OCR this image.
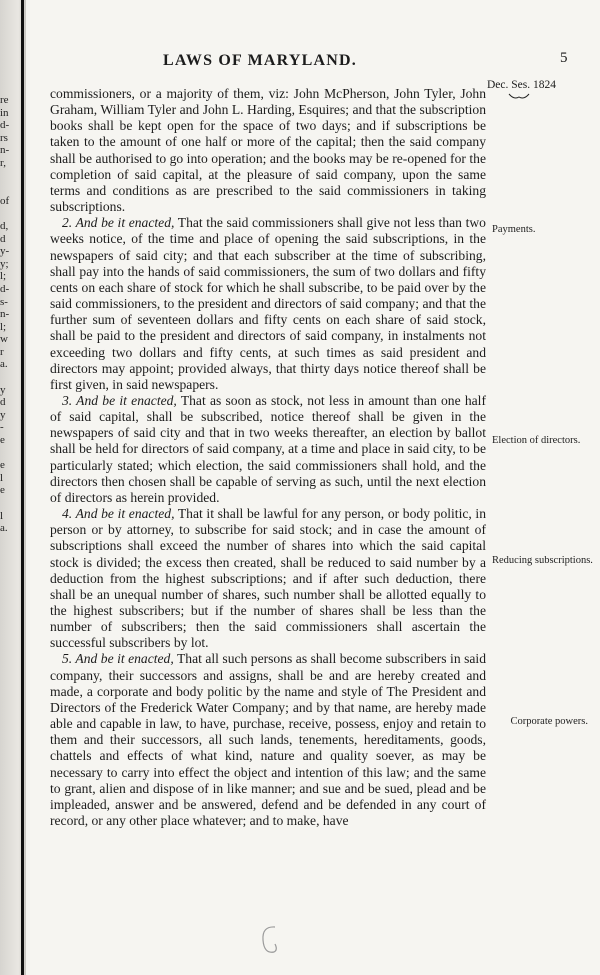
re
in
d-
rs
n-
r,
of
d,
d
y-
y;
l;
d-
s-
n-
l;
w
r
a.
y
d
y
-
e
e
l
e
l
a.
LAWS OF MARYLAND.	5
Dec. Ses. 1824

commissioners, or a majority of them, viz: John McPherson, John Tyler, John Graham, William Tyler and John L. Harding, Esquires; and that the subscription books shall be kept open for the space of two days; and if subscriptions be taken to the amount of one half or more of the capital; then the said company shall be authorised to go into operation; and the books may be re-opened for the completion of said capital, at the pleasure of said company, upon the same terms and conditions as are prescribed to the said commissioners in taking subscriptions.

2. And be it enacted, That the said commissioners shall give not less than two weeks notice, of the time and place of opening the said subscriptions, in the newspapers of said city; and that each subscriber at the time of subscribing, shall pay into the hands of said commissioners, the sum of two dollars and fifty cents on each share of stock for which he shall subscribe, to be paid over by the said commissioners, to the president and directors of said company; and that the further sum of seventeen dollars and fifty cents on each share of said stock, shall be paid to the president and directors of said company, in instalments not exceeding two dollars and fifty cents, at such times as said president and directors may appoint; provided always, that thirty days notice thereof shall be first given, in said newspapers.

3. And be it enacted, That as soon as stock, not less in amount than one half of said capital, shall be subscribed, notice thereof shall be given in the newspapers of said city and that in two weeks thereafter, an election by ballot shall be held for directors of said company, at a time and place in said city, to be particularly stated; which election, the said commissioners shall hold, and the directors then chosen shall be capable of serving as such, until the next election of directors as herein provided.

4. And be it enacted, That it shall be lawful for any person, or body politic, in person or by attorney, to subscribe for said stock; and in case the amount of subscriptions shall exceed the number of shares into which the said capital stock is divided; the excess then created, shall be reduced to said number by a deduction from the highest subscriptions; and if after such deduction, there shall be an unequal number of shares, such number shall be allotted equally to the highest subscribers; but if the number of shares shall be less than the number of subscribers; then the said commissioners shall ascertain the successful subscribers by lot.

5. And be it enacted, That all such persons as shall become subscribers in said company, their successors and assigns, shall be and are hereby created and made, a corporate and body politic by the name and style of The President and Directors of the Frederick Water Company; and by that name, are hereby made able and capable in law, to have, purchase, receive, possess, enjoy and retain to them and their successors, all such lands, tenements, hereditaments, goods, chattels and effects of what kind, nature and quality soever, as may be necessary to carry into effect the object and intention of this law; and the same to grant, alien and dispose of in like manner; and sue and be sued, plead and be impleaded, answer and be answered, defend and be defended in any court of record, or any other place whatever; and to make, have

Payments.
Election of directors.
Reducing subscriptions.
Corporate powers.
